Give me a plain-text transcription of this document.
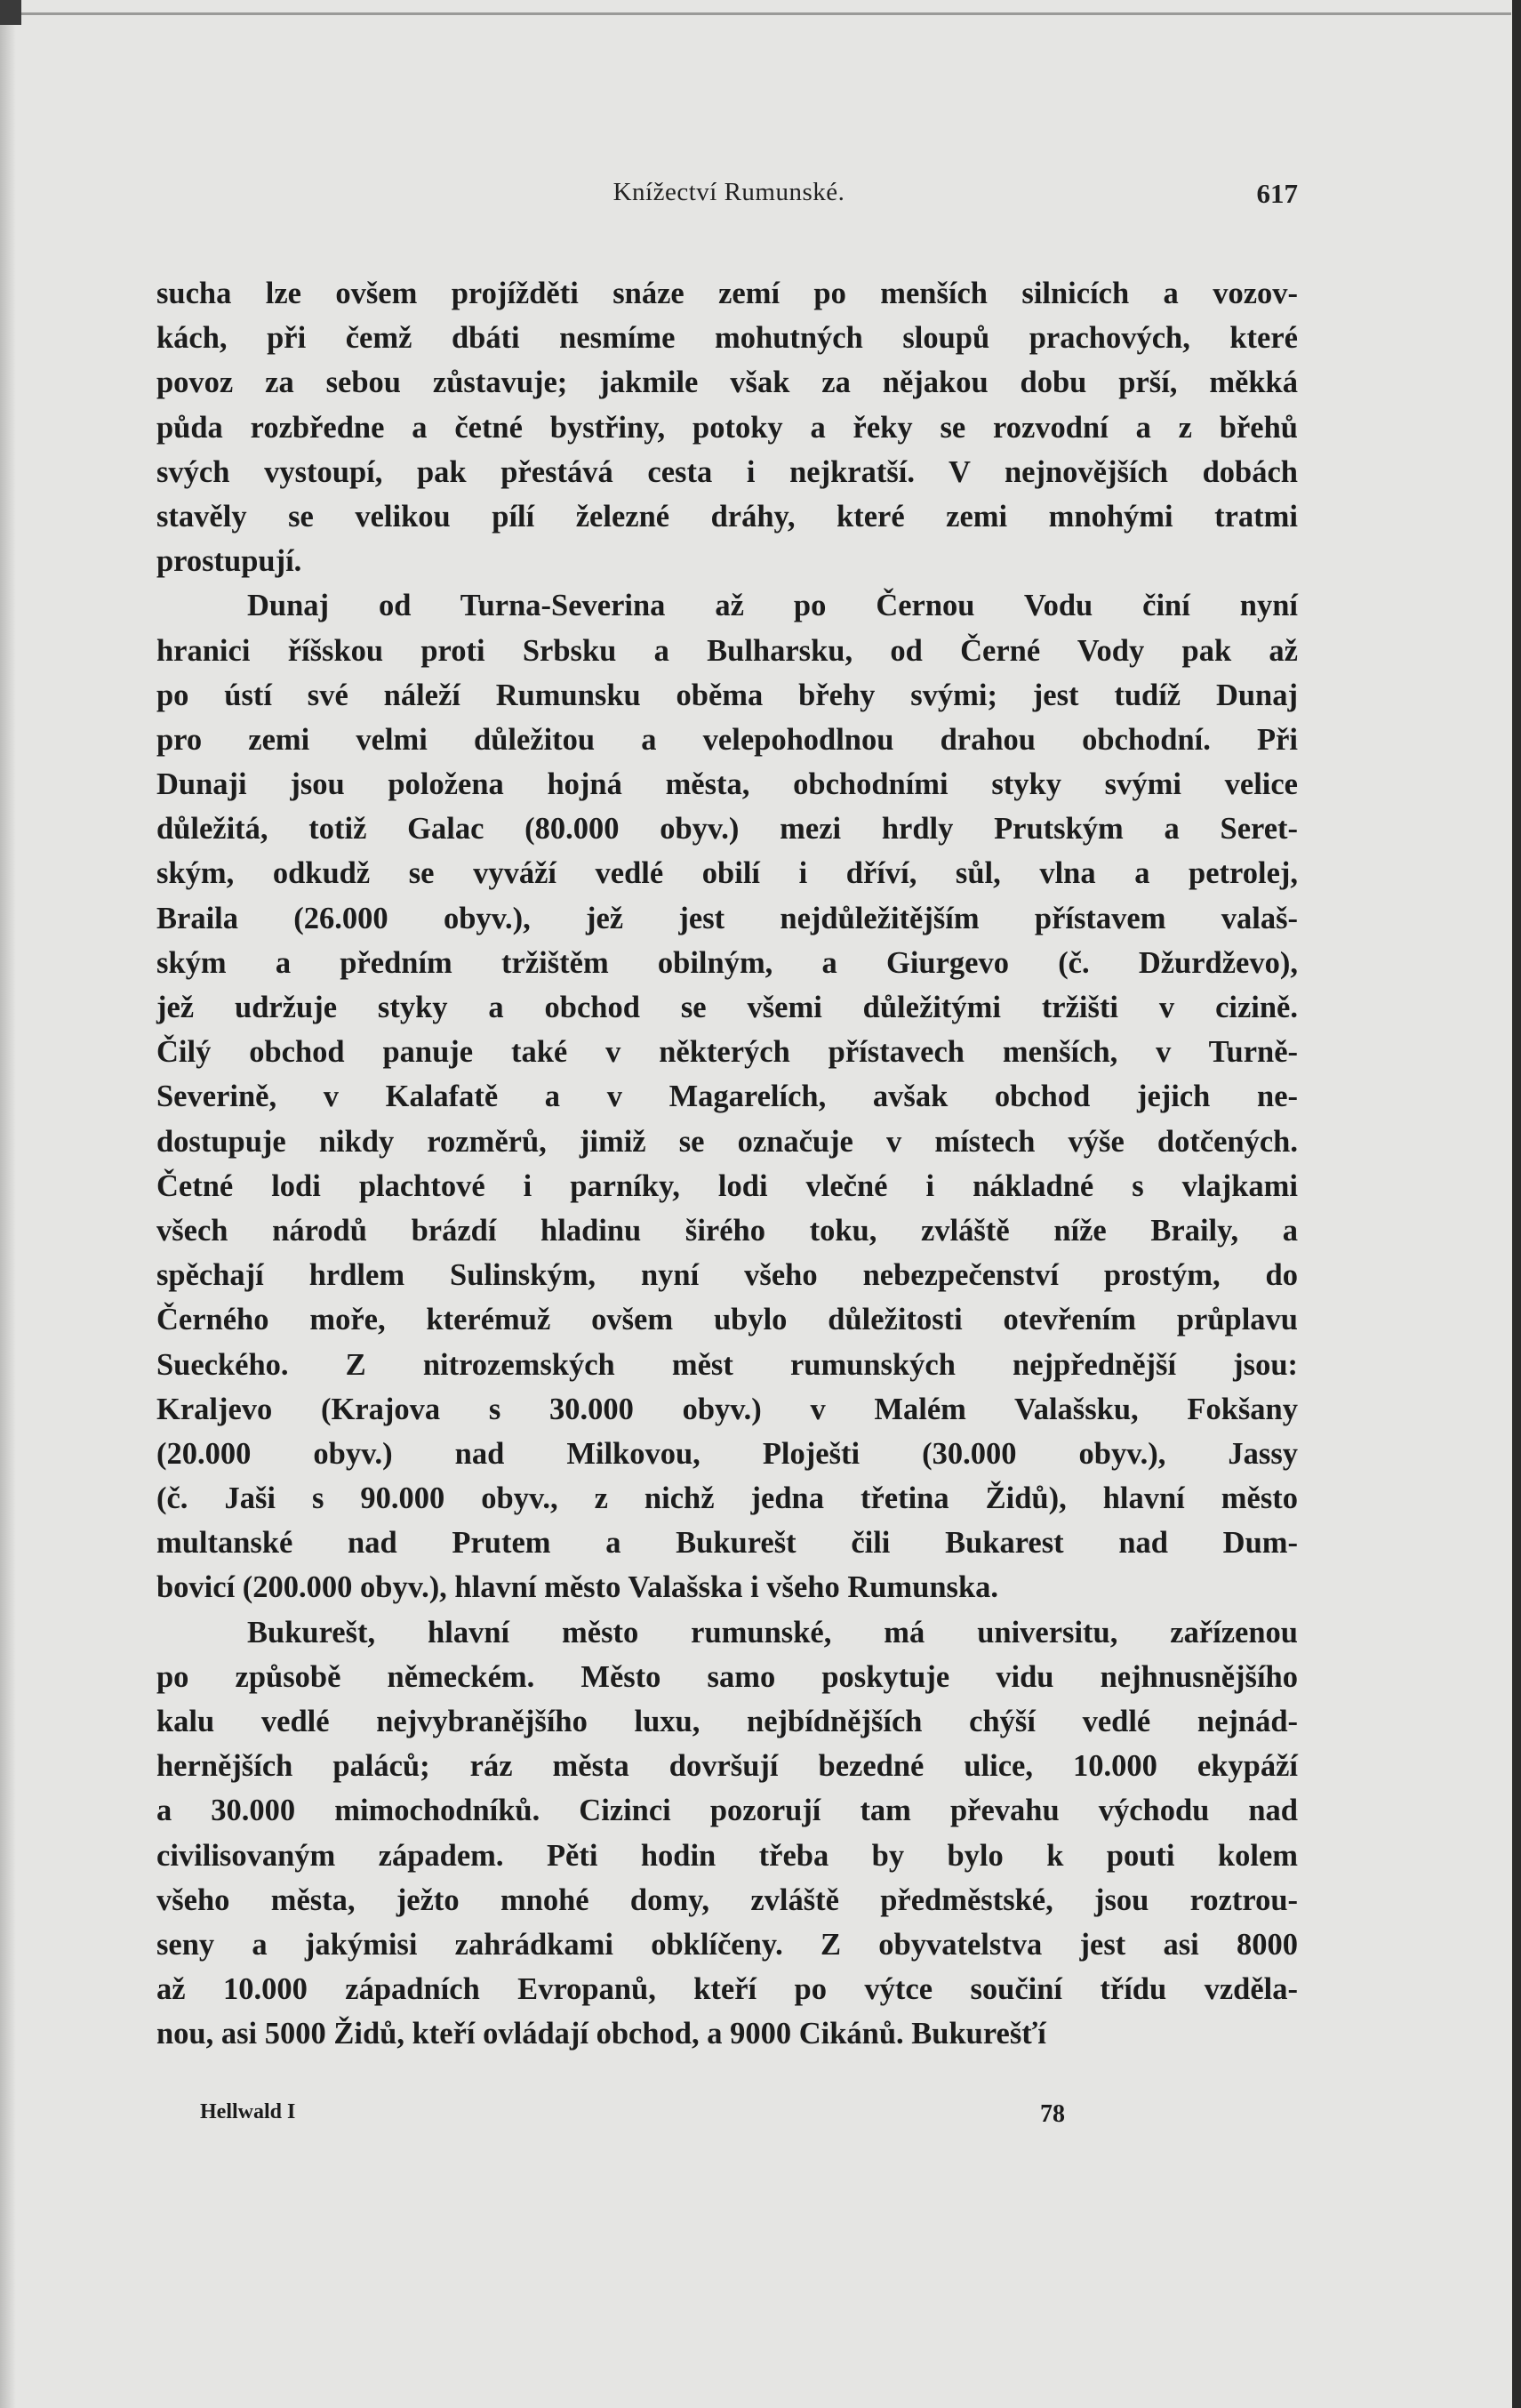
Knížectví Rumunské.	617
sucha lze ovšem projížděti snáze zemí po menších silnicích a vozov-
kách, při čemž dbáti nesmíme mohutných sloupů prachových, které
povoz za sebou zůstavuje; jakmile však za nějakou dobu prší, měkká
půda rozbředne a četné bystřiny, potoky a řeky se rozvodní a z břehů
svých vystoupí, pak přestává cesta i nejkratší. V nejnovějších dobách
stavěly se velikou pílí železné dráhy, které zemi mnohými tratmi
prostupují.
Dunaj od Turna-Severina až po Černou Vodu činí nyní
hranici říšskou proti Srbsku a Bulharsku, od Černé Vody pak až
po ústí své náleží Rumunsku oběma břehy svými; jest tudíž Dunaj
pro zemi velmi důležitou a velepohodlnou drahou obchodní. Při
Dunaji jsou položena hojná města, obchodními styky svými velice
důležitá, totiž Galac (80.000 obyv.) mezi hrdly Prutským a Seret-
ským, odkudž se vyváží vedlé obilí i dříví, sůl, vlna a petrolej,
Braila (26.000 obyv.), jež jest nejdůležitějším přístavem valaš-
ským a předním tržištěm obilným, a Giurgevo (č. Džurdževo),
jež udržuje styky a obchod se všemi důležitými tržišti v cizině.
Čilý obchod panuje také v některých přístavech menších, v Turně-
Severině, v Kalafatě a v Magarelích, avšak obchod jejich ne-
dostupuje nikdy rozměrů, jimiž se označuje v místech výše dotčených.
Četné lodi plachtové i parníky, lodi vlečné i nákladné s vlajkami
všech národů brázdí hladinu širého toku, zvláště níže Braily, a
spěchají hrdlem Sulinským, nyní všeho nebezpečenství prostým, do
Černého moře, kterémuž ovšem ubylo důležitosti otevřením průplavu
Sueckého. Z nitrozemských měst rumunských nejpřednější jsou:
Kraljevo (Krajova s 30.000 obyv.) v Malém Valašsku, Fokšany
(20.000 obyv.) nad Milkovou, Ploješti (30.000 obyv.), Jassy
(č. Jaši s 90.000 obyv., z nichž jedna třetina Židů), hlavní město
multanské nad Prutem a Bukurešt čili Bukarest nad Dum-
bovicí (200.000 obyv.), hlavní město Valašska i všeho Rumunska.
Bukurešt, hlavní město rumunské, má universitu, zařízenou
po způsobě německém. Město samo poskytuje vidu nejhnusnějšího
kalu vedlé nejvybranějšího luxu, nejbídnějších chýší vedlé nejnád-
hernějších paláců; ráz města dovršují bezedné ulice, 10.000 ekypáží
a 30.000 mimochodníků. Cizinci pozorují tam převahu východu nad
civilisovaným západem. Pěti hodin třeba by bylo k pouti kolem
všeho města, ježto mnohé domy, zvláště předměstské, jsou roztrou-
seny a jakýmisi zahrádkami obklíčeny. Z obyvatelstva jest asi 8000
až 10.000 západních Evropanů, kteří po výtce součiní třídu vzděla-
nou, asi 5000 Židů, kteří ovládají obchod, a 9000 Cikánů. Bukurešťí
Hellwald I	78
